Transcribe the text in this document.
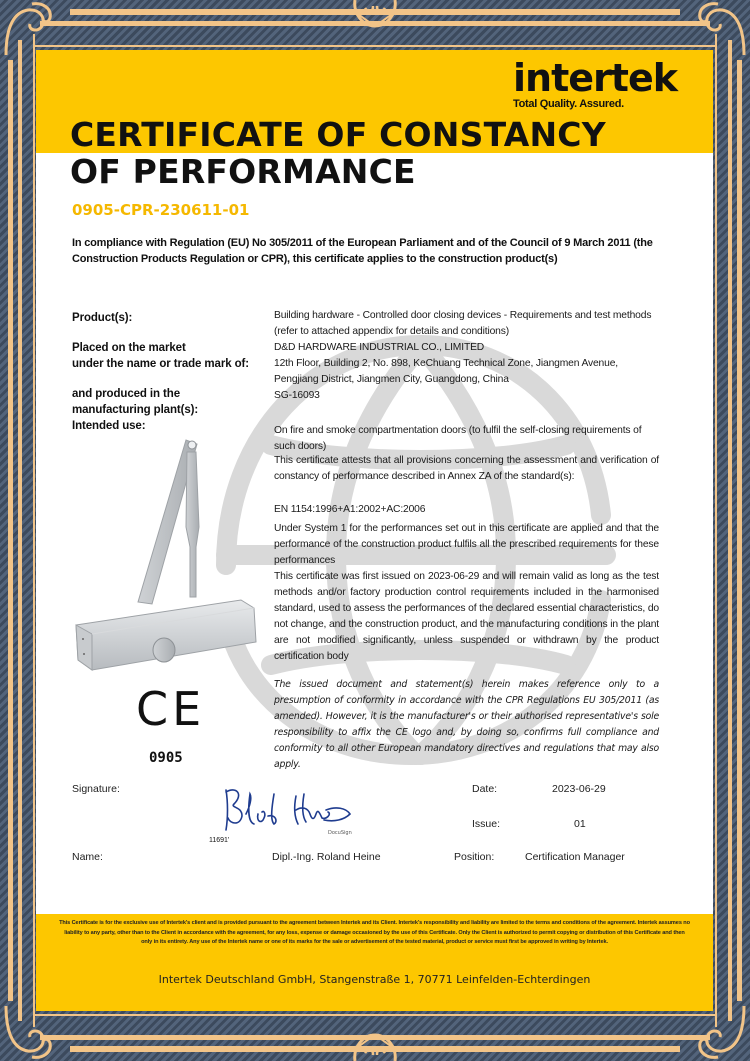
intertek
Total Quality. Assured.
CERTIFICATE OF CONSTANCY
OF PERFORMANCE
0905-CPR-230611-01
In compliance with Regulation (EU) No 305/2011 of the European Parliament and of the Council of 9 March 2011 (the Construction Products Regulation or CPR), this certificate applies to the construction product(s)
Product(s):	Building hardware - Controlled door closing devices - Requirements and test methods (refer to attached appendix for details and conditions)
Placed on the market
under the name or trade mark of:
D&D HARDWARE INDUSTRIAL CO., LIMITED
12th Floor, Building 2, No. 898, KeChuang Technical Zone, Jiangmen Avenue, Pengjiang District, Jiangmen City, Guangdong, China
and produced in the
manufacturing plant(s):
SG-16093
Intended use:	On fire and smoke compartmentation doors (to fulfil the self-closing requirements of such doors)
This certificate attests that all provisions concerning the assessment and verification of constancy of performance described in Annex ZA of the standard(s):
EN 1154:1996+A1:2002+AC:2006
Under System 1 for the performances set out in this certificate are applied and that the performance of the construction product fulfils all the prescribed requirements for these performances
This certificate was first issued on 2023-06-29 and will remain valid as long as the test methods and/or factory production control requirements included in the harmonised standard, used to assess the performances of the declared essential characteristics, do not change, and the construction product, and the manufacturing conditions in the plant are not modified significantly, unless suspended or withdrawn by the product certification body
The issued document and statement(s) herein makes reference only to a presumption of conformity in accordance with the CPR Regulations EU 305/2011 (as amended). However, it is the manufacturer's or their authorised representative's sole responsibility to affix the CE logo and, by doing so, confirms full compliance and conformity to all other European mandatory directives and regulations that may also apply.
CE
0905
Signature:
DocuSign
11691'
Name:	Dipl.-Ing. Roland Heine
Date:	2023-06-29
Issue:	01
Position:	Certification Manager
This Certificate is for the exclusive use of Intertek's client and is provided pursuant to the agreement between Intertek and its Client. Intertek's responsibility and liability are limited to the terms and conditions of the agreement. Intertek assumes no liability to any party, other than to the Client in accordance with the agreement, for any loss, expense or damage occasioned by the use of this Certificate. Only the Client is authorized to permit copying or distribution of this Certificate and then only in its entirety. Any use of the Intertek name or one of its marks for the sale or advertisement of the tested material, product or service must first be approved in writing by Intertek.
Intertek Deutschland GmbH, Stangenstraße 1, 70771 Leinfelden-Echterdingen
